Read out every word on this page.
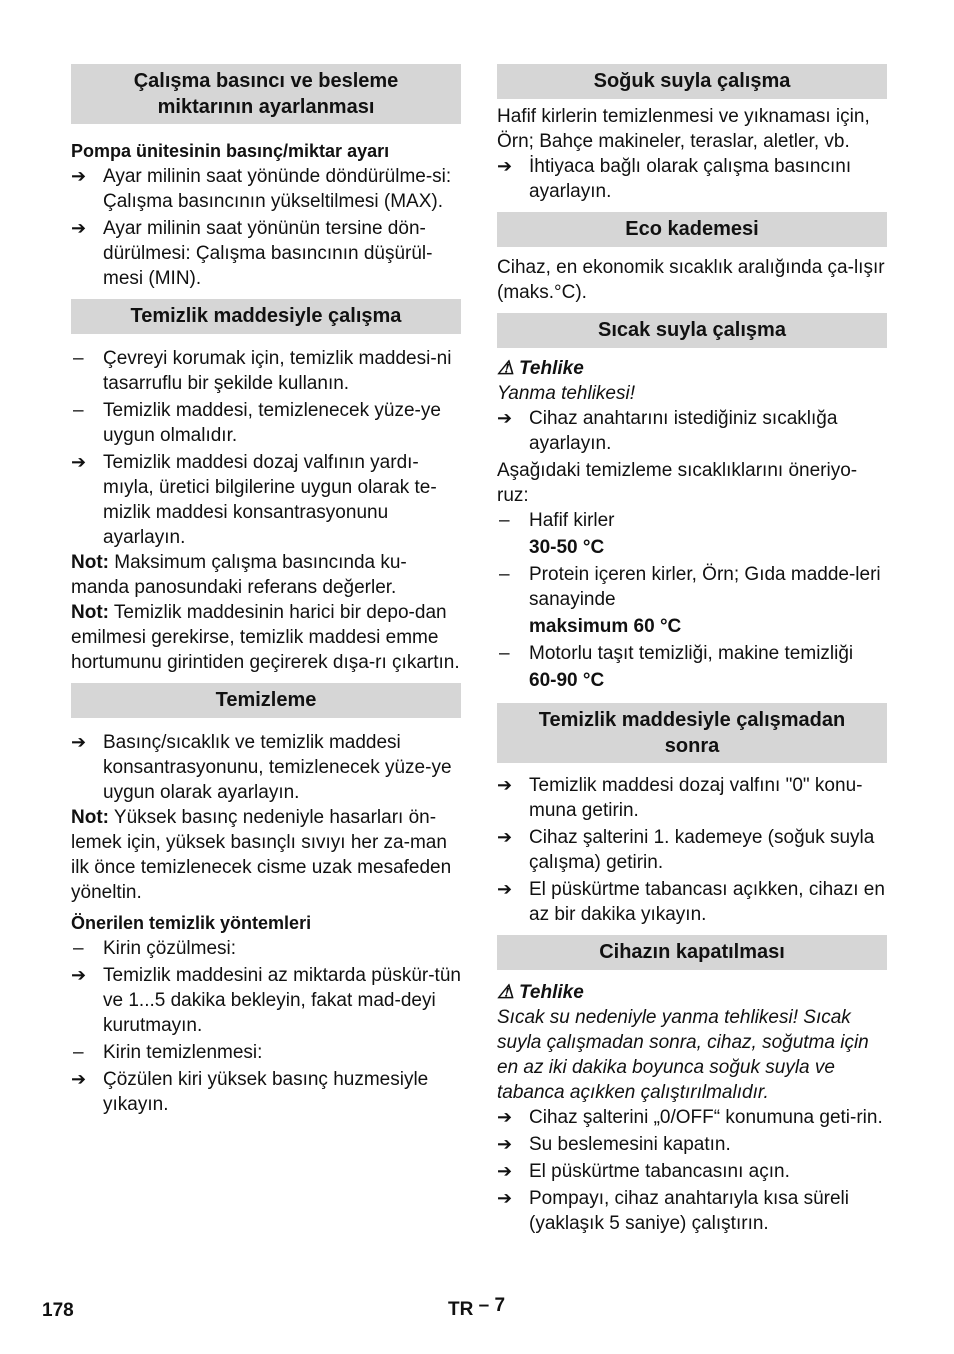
Çalışma basıncı ve besleme miktarının ayarlanması

Pompa ünitesinin basınç/miktar ayarı

➔ Ayar milinin saat yönünde döndürülme-si: Çalışma basıncının yükseltilmesi (MAX).
➔ Ayar milinin saat yönünün tersine dön-dürülmesi: Çalışma basıncının düşürül-mesi (MIN).
Temizlik maddesiyle çalışma
–	Çevreyi korumak için, temizlik maddesi-ni tasarruflu bir şekilde kullanın.
–	Temizlik maddesi, temizlenecek yüze-ye uygun olmalıdır.
➔ Temizlik maddesi dozaj valfının yardı-mıyla, üretici bilgilerine uygun olarak te-mizlik maddesi konsantrasyonunu ayarlayın.

Not: Maksimum çalışma basıncında ku-manda panosundaki referans değerler.

Not: Temizlik maddesinin harici bir depo-dan emilmesi gerekirse, temizlik maddesi emme hortumunu girintiden geçirerek dışa-rı çıkartın.

Temizleme
➔ Basınç/sıcaklık ve temizlik maddesi konsantrasyonunu, temizlenecek yüze-ye uygun olarak ayarlayın.

Not: Yüksek basınç nedeniyle hasarları ön-lemek için, yüksek basınçlı sıvıyı her za-man ilk önce temizlenecek cisme uzak mesafeden yöneltin.

Önerilen temizlik yöntemleri

–	Kirin çözülmesi:
➔ Temizlik maddesini az miktarda püskür-tün ve 1...5 dakika bekleyin, fakat mad-deyi kurutmayın.
–	Kirin temizlenmesi:
➔ Çözülen kiri yüksek basınç huzmesiyle yıkayın.
Soğuk suyla çalışma

Hafif kirlerin temizlenmesi ve yıknaması için, Örn; Bahçe makineler, teraslar, aletler, vb.

➔ İhtiyaca bağlı olarak çalışma basıncını ayarlayın.
Eco kademesi

Cihaz, en ekonomik sıcaklık aralığında ça-lışır (maks.°C).

Sıcak suyla çalışma

⚠ Tehlike

Yanma tehlikesi!

➔ Cihaz anahtarını istediğiniz sıcaklığa ayarlayın.

Aşağıdaki temizleme sıcaklıklarını öneriyo-ruz:

–	Hafif kirler
30-50 °C
–	Protein içeren kirler, Örn; Gıda madde-leri sanayinde
maksimum 60 °C
–	Motorlu taşıt temizliği, makine temizliği
60-90 °C
Temizlik maddesiyle çalışmadan sonra
➔ Temizlik maddesi dozaj valfını "0" konu-muna getirin.
➔ Cihaz şalterini 1. kademeye (soğuk suyla çalışma) getirin.
➔ El püskürtme tabancası açıkken, cihazı en az bir dakika yıkayın.
Cihazın kapatılması

⚠ Tehlike

Sıcak su nedeniyle yanma tehlikesi! Sıcak suyla çalışmadan sonra, cihaz, soğutma için en az iki dakika boyunca soğuk suyla ve tabanca açıkken çalıştırılmalıdır.

➔ Cihaz şalterini „0/OFF“ konumuna geti-rin.
➔ Su beslemesini kapatın.
➔ El püskürtme tabancasını açın.
➔ Pompayı, cihaz anahtarıyla kısa süreli (yaklaşık 5 saniye) çalıştırın.
178	TR – 7
